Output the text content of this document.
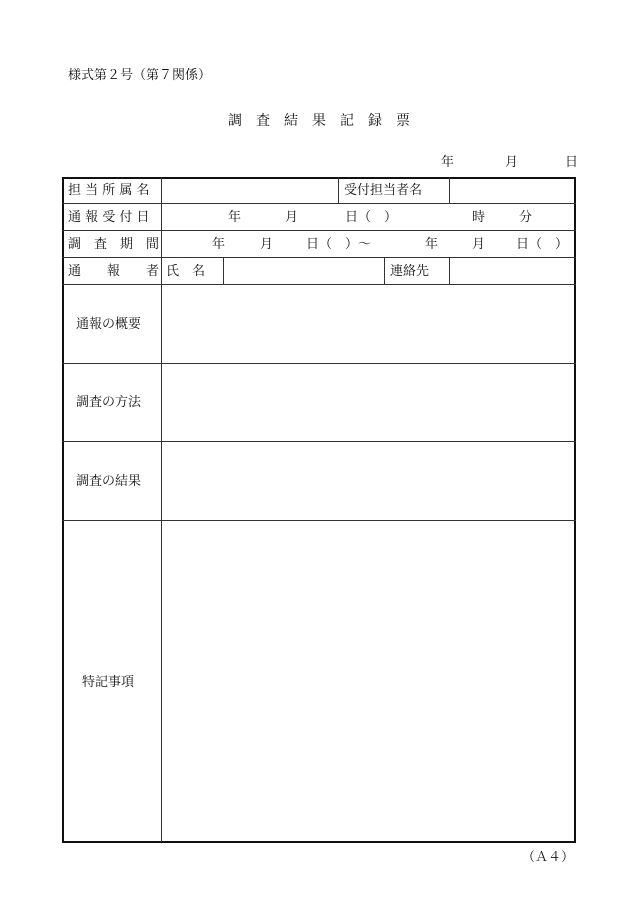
様式第２号（第７関係）
調　査　結　果　記　録　票
年	月	日
担 当 所 属 名	受付担当者名
通 報 受 付 日	年	月	日（　）	時	分
調　査　期　間	年	月	日（　）～	年	月 日（　）
通　　報　　者 氏　名	連絡先
通報の概要
調査の方法
調査の結果
特記事項
（Ａ４）
